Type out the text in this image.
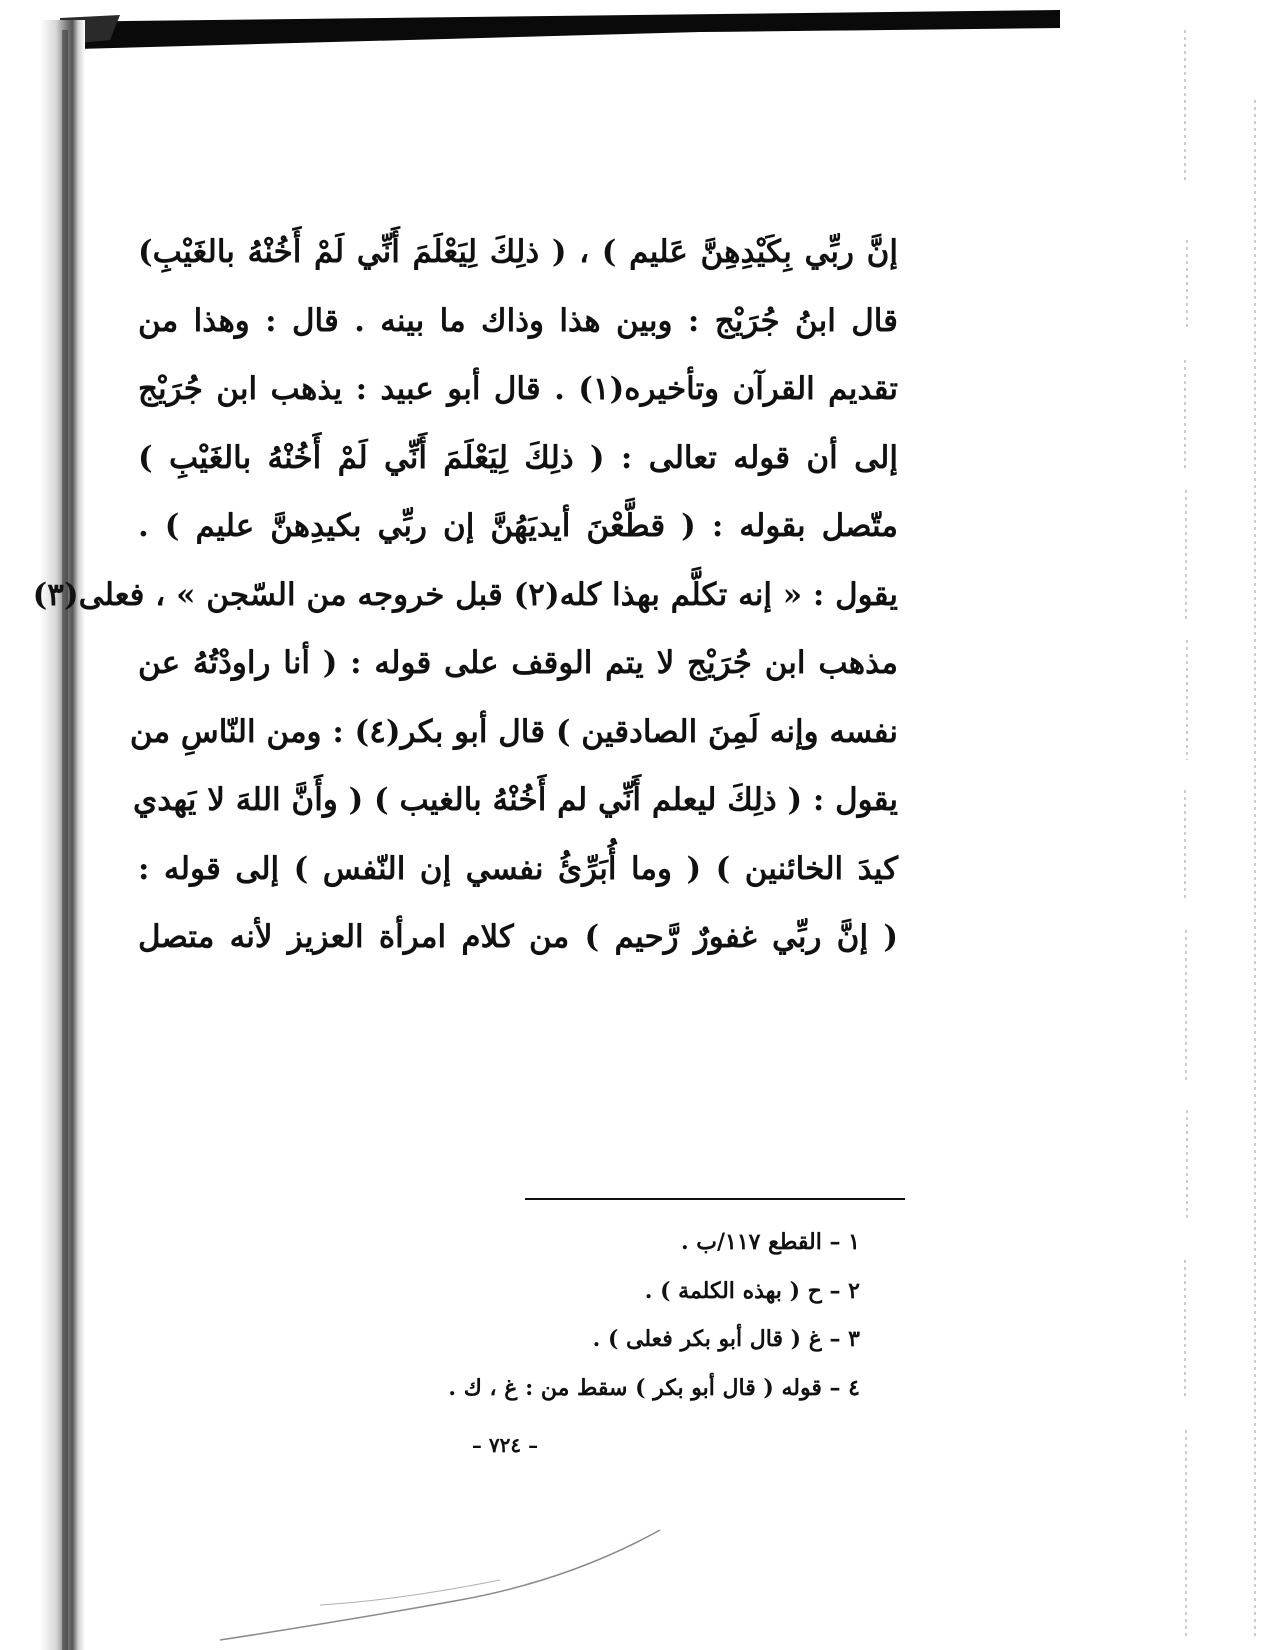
إنَّ ربِّي بِكَيْدِهِنَّ عَليم ) ، ( ذلِكَ لِيَعْلَمَ أَنِّي لَمْ أَخُنْهُ بالغَيْبِ)
قال ابنُ جُرَيْج : وبين هذا وذاك ما بينه . قال : وهذا من
تقديم القرآن وتأخيره(١) . قال أبو عبيد : يذهب ابن جُرَيْج
إلى أن قوله تعالى : ( ذلِكَ لِيَعْلَمَ أَنِّي لَمْ أَخُنْهُ بالغَيْبِ )
متّصل بقوله : ( قطَّعْنَ أيديَهُنَّ إن ربِّي بكيدِهنَّ عليم ) .
يقول : « إنه تكلَّم بهذا كله(٢) قبل خروجه من السّجن » ، فعلى(٣)
مذهب ابن جُرَيْج لا يتم الوقف على قوله : ( أنا راودْتُهُ عن
نفسه وإنه لَمِنَ الصادقين ) قال أبو بكر(٤) : ومن النّاسِ من
يقول : ( ذلِكَ ليعلم أَنِّي لم أَخُنْهُ بالغيب ) ( وأَنَّ اللهَ لا يَهدي
كيدَ الخائنين ) ( وما أُبَرِّئُ نفسي إن النّفس ) إلى قوله :
( إنَّ ربِّي غفورٌ رَّحيم ) من كلام امرأة العزيز لأنه متصل
١ – القطع ١١٧/ب .
٢ – ح ( بهذه الكلمة ) .
٣ – غ ( قال أبو بكر فعلى ) .
٤ – قوله ( قال أبو بكر ) سقط من : غ ، ك .
– ٧٢٤ –
